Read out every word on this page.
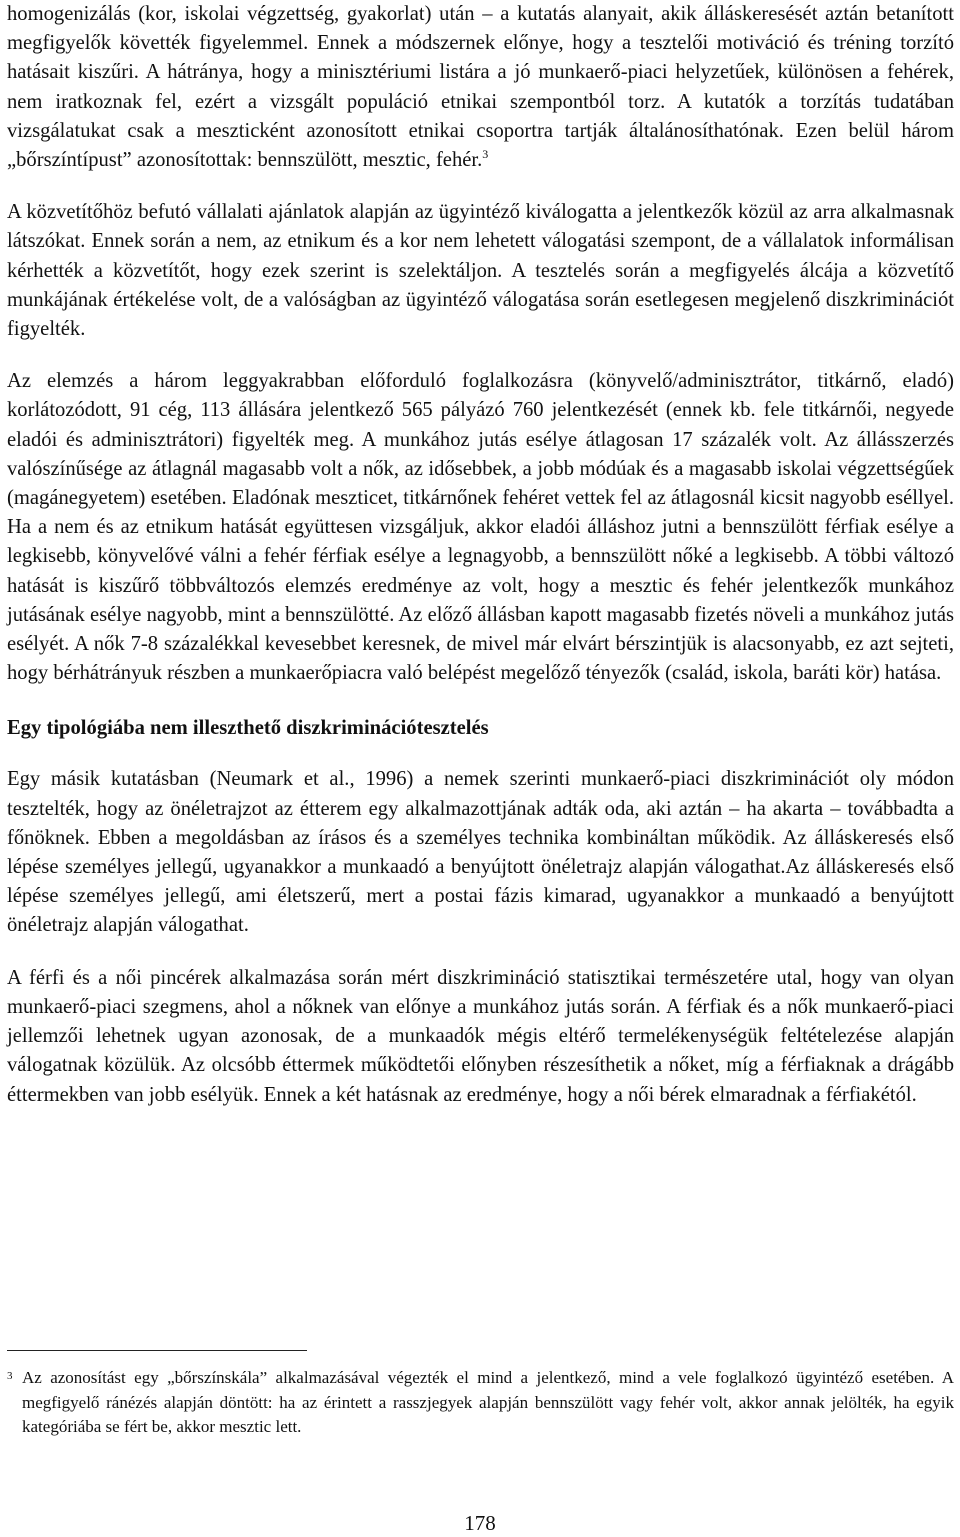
homogenizálás (kor, iskolai végzettség, gyakorlat) után – a kutatás alanyait, akik álláskeresését aztán betanított megfigyelők követték figyelemmel. Ennek a módszernek előnye, hogy a tesztelői motiváció és tréning torzító hatásait kiszűri. A hátránya, hogy a minisztériumi listára a jó munkaerő-piaci helyzetűek, különösen a fehérek, nem iratkoznak fel, ezért a vizsgált populáció etnikai szempontból torz. A kutatók a torzítás tudatában vizsgálatukat csak a meszticként azonosított etnikai csoportra tartják általánosíthatónak. Ezen belül három „bőrszíntípust” azonosítottak: bennszülött, mesztic, fehér.$^3$

A közvetítőhöz befutó vállalati ajánlatok alapján az ügyintéző kiválogatta a jelentkezők közül az arra alkalmasnak látszókat. Ennek során a nem, az etnikum és a kor nem lehetett válogatási szempont, de a vállalatok informálisan kérhették a közvetítőt, hogy ezek szerint is szelektáljon. A tesztelés során a megfigyelés álcája a közvetítő munkájának értékelése volt, de a valóságban az ügyintéző válogatása során esetlegesen megjelenő diszkriminációt figyelték.

Az elemzés a három leggyakrabban előforduló foglalkozásra (könyvelő/adminisztrátor, titkárnő, eladó) korlátozódott, 91 cég, 113 állására jelentkező 565 pályázó 760 jelentkezését (ennek kb. fele titkárnői, negyede eladói és adminisztrátori) figyelték meg. A munkához jutás esélye átlagosan 17 százalék volt. Az állásszerzés valószínűsége az átlagnál magasabb volt a nők, az idősebbek, a jobb módúak és a magasabb iskolai végzettségűek (magánegyetem) esetében. Eladónak meszticet, titkárnőnek fehéret vettek fel az átlagosnál kicsit nagyobb eséllyel. Ha a nem és az etnikum hatását együttesen vizsgáljuk, akkor eladói álláshoz jutni a bennszülött férfiak esélye a legkisebb, könyvelővé válni a fehér férfiak esélye a legnagyobb, a bennszülött nőké a legkisebb. A többi változó hatását is kiszűrő többváltozós elemzés eredménye az volt, hogy a mesztic és fehér jelentkezők munkához jutásának esélye nagyobb, mint a bennszülötté. Az előző állásban kapott magasabb fizetés növeli a munkához jutás esélyét. A nők 7-8 százalékkal kevesebbet keresnek, de mivel már elvárt bérszintjük is alacsonyabb, ez azt sejteti, hogy bérhátrányuk részben a munkaerőpiacra való belépést megelőző tényezők (család, iskola, baráti kör) hatása.

Egy tipológiába nem illeszthető diszkriminációtesztelés

Egy másik kutatásban (Neumark et al., 1996) a nemek szerinti munkaerő-piaci diszkriminációt oly módon tesztelték, hogy az önéletrajzot az étterem egy alkalmazottjának adták oda, aki aztán – ha akarta – továbbadta a főnöknek. Ebben a megoldásban az írásos és a személyes technika kombináltan működik. Az álláskeresés első lépése személyes jellegű, ugyanakkor a munkaadó a benyújtott önéletrajz alapján válogathat.Az álláskeresés első lépése személyes jellegű, ami életszerű, mert a postai fázis kimarad, ugyanakkor a munkaadó a benyújtott önéletrajz alapján válogathat.

A férfi és a női pincérek alkalmazása során mért diszkrimináció statisztikai természetére utal, hogy van olyan munkaerő-piaci szegmens, ahol a nőknek van előnye a munkához jutás során. A férfiak és a nők munkaerő-piaci jellemzői lehetnek ugyan azonosak, de a munkaadók mégis eltérő termelékenységük feltételezése alapján válogatnak közülük. Az olcsóbb éttermek működtetői előnyben részesíthetik a nőket, míg a férfiaknak a drágább éttermekben van jobb esélyük. Ennek a két hatásnak az eredménye, hogy a női bérek elmaradnak a férfiakétól.

3 Az azonosítást egy „bőrszínskála” alkalmazásával végezték el mind a jelentkező, mind a vele foglalkozó ügyintéző esetében. A megfigyelő ránézés alapján döntött: ha az érintett a rasszjegyek alapján bennszülött vagy fehér volt, akkor annak jelölték, ha egyik kategóriába se fért be, akkor mesztic lett.
178
